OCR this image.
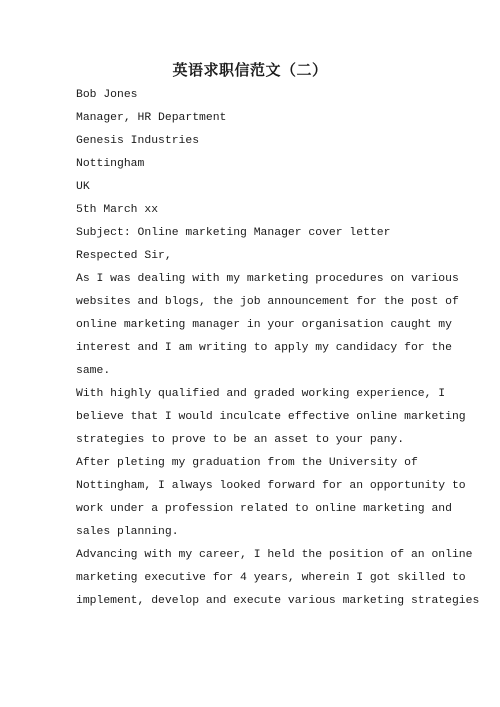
英语求职信范文（二）
Bob Jones
Manager, HR Department
Genesis Industries
Nottingham
UK
5th March xx
Subject: Online marketing Manager cover letter
Respected Sir,
As I was dealing with my marketing procedures on various
websites and blogs, the job announcement for the post of
online marketing manager in your organisation caught my
interest and I am writing to apply my candidacy for the
same.
With highly qualified and graded working experience, I
believe that I would inculcate effective online marketing
strategies to prove to be an asset to your pany.
After pleting my graduation from the University of
Nottingham, I always looked forward for an opportunity to
work under a profession related to online marketing and
sales planning.
Advancing with my career, I held the position of an online
marketing executive for 4 years, wherein I got skilled to
implement, develop and execute various marketing strategies
